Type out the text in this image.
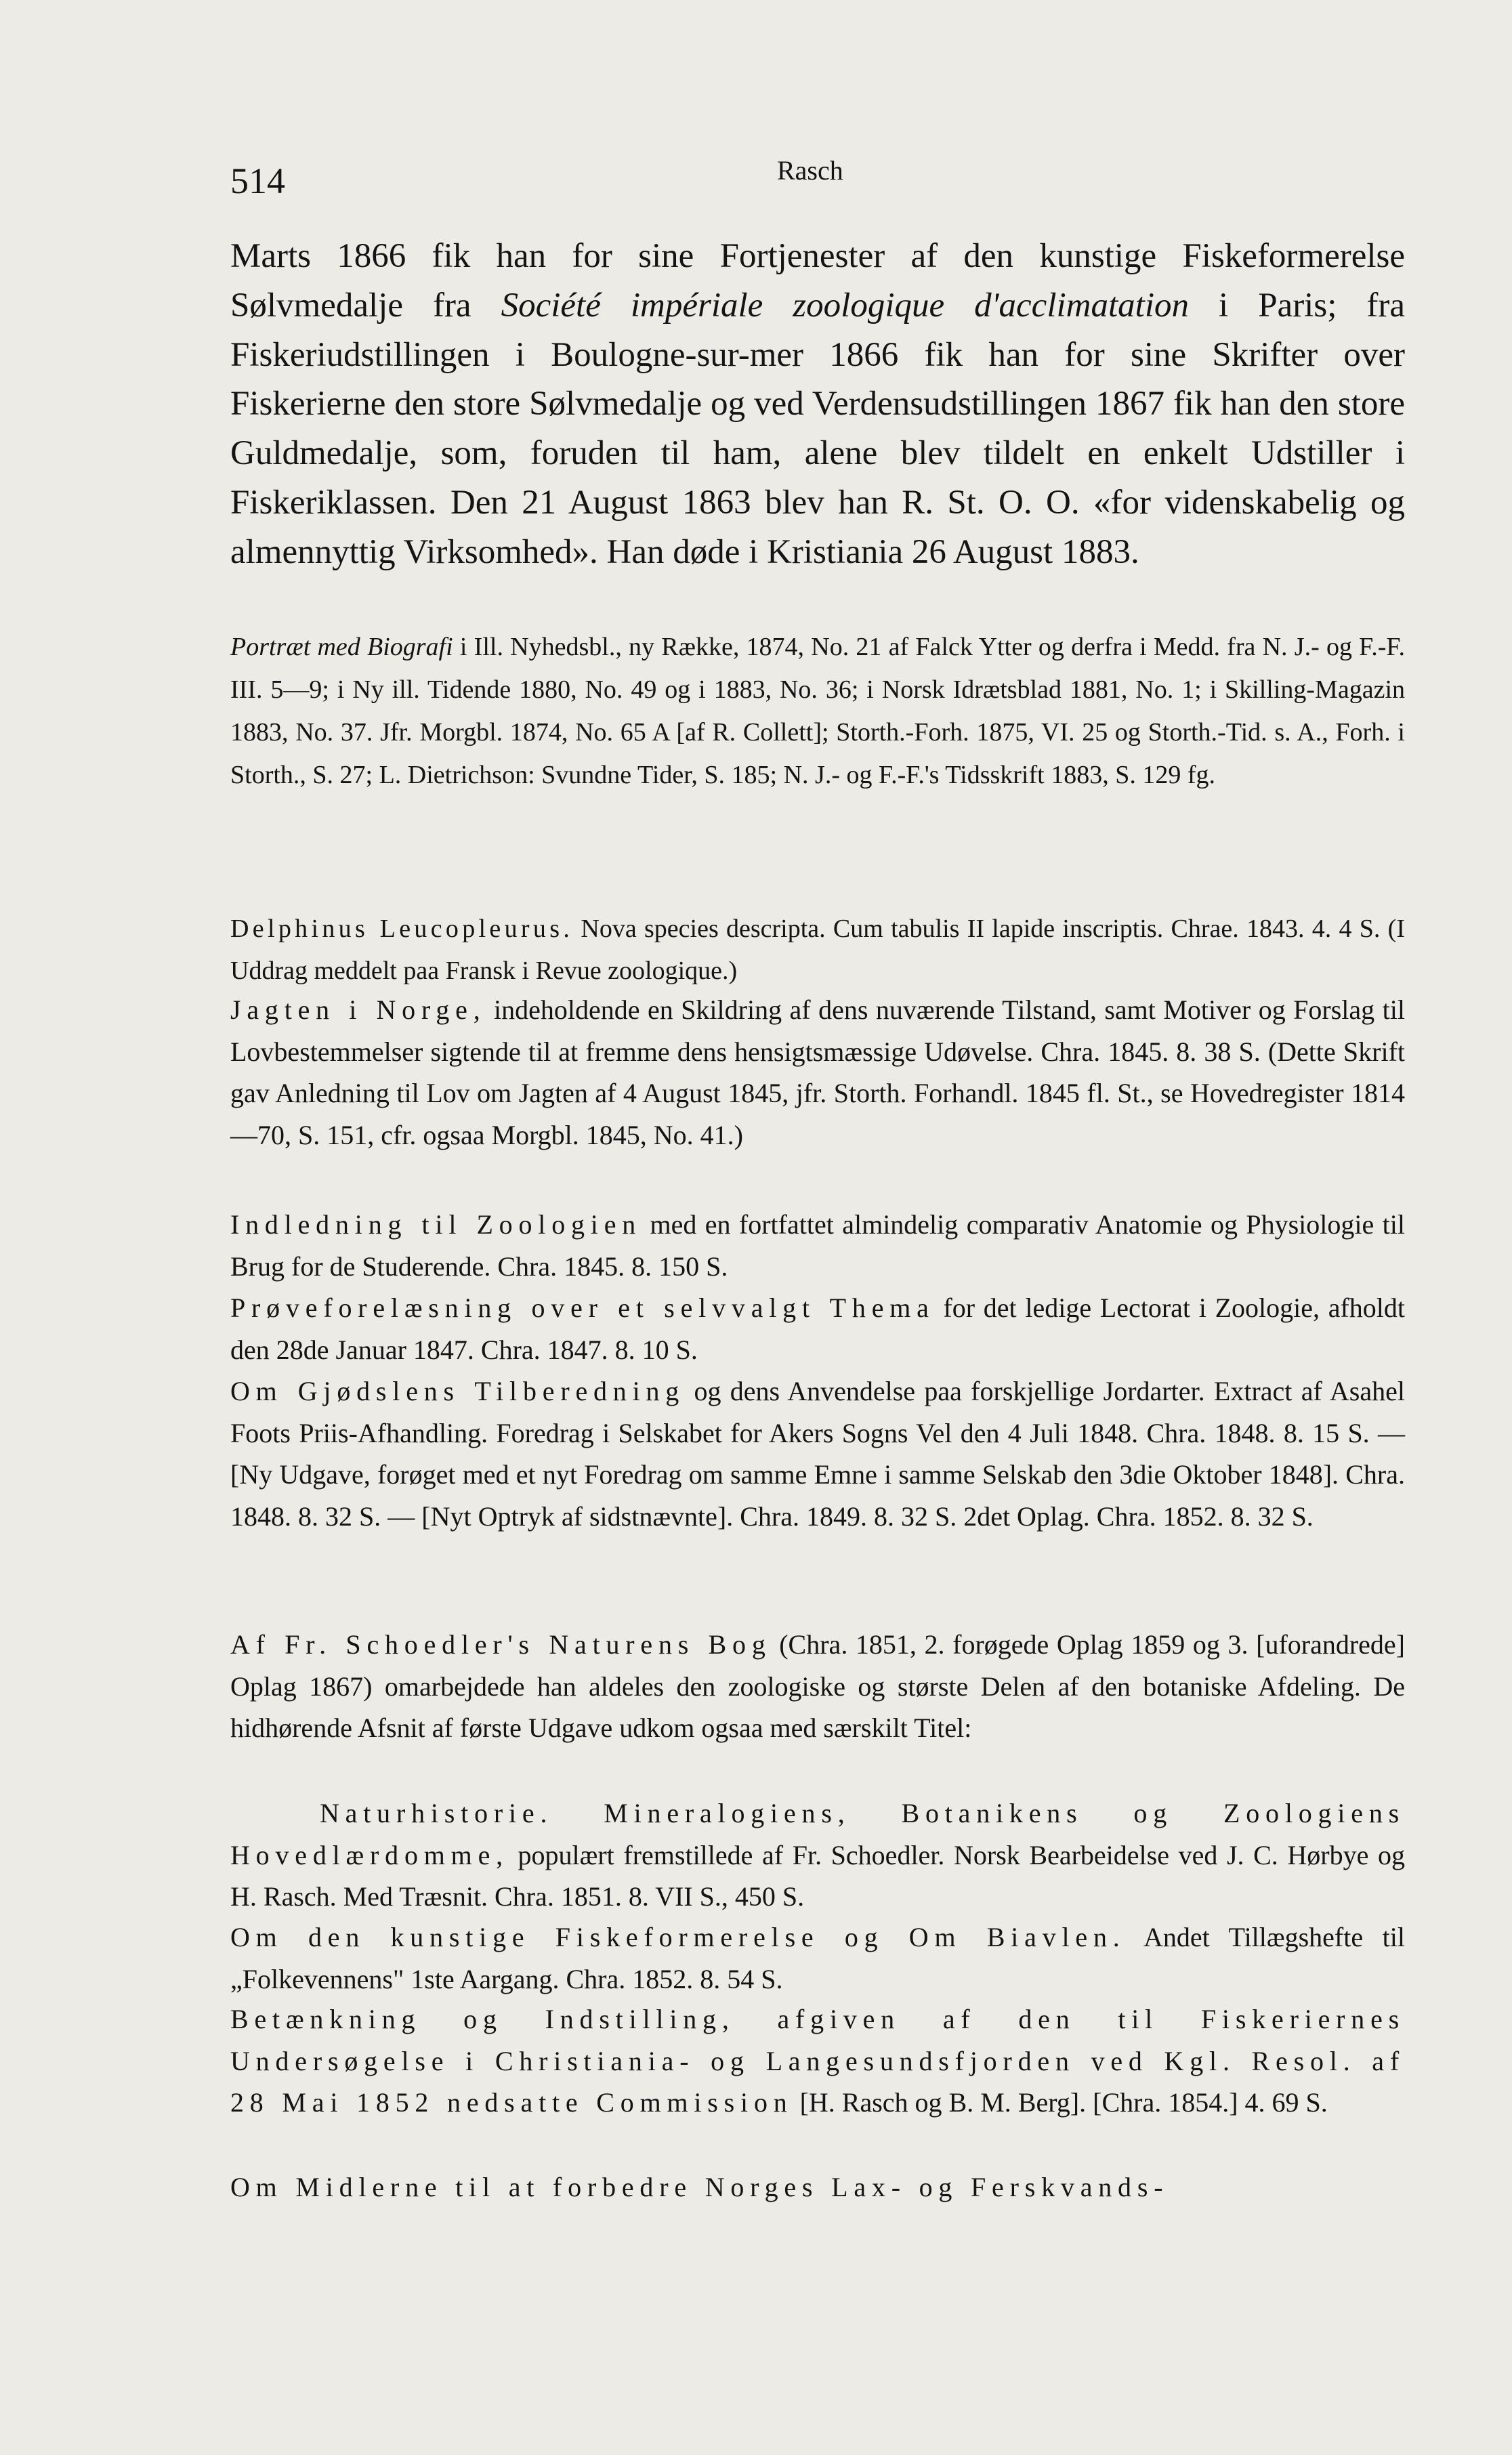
514	Rasch

Marts 1866 fik han for sine Fortjenester af den kunstige Fiskeformerelse Sølvmedalje fra Société impériale zoologique d'acclimatation i Paris; fra Fiskeriudstillingen i Boulogne-sur-mer 1866 fik han for sine Skrifter over Fiskerierne den store Sølvmedalje og ved Verdensudstillingen 1867 fik han den store Guldmedalje, som, foruden til ham, alene blev tildelt en enkelt Udstiller i Fiskeriklassen. Den 21 August 1863 blev han R. St. O. O. «for videnskabelig og almennyttig Virksomhed». Han døde i Kristiania 26 August 1883.

Portræt med Biografi i Ill. Nyhedsbl., ny Række, 1874, No. 21 af Falck Ytter og derfra i Medd. fra N. J.- og F.-F. III. 5—9; i Ny ill. Tidende 1880, No. 49 og i 1883, No. 36; i Norsk Idrætsblad 1881, No. 1; i Skilling-Magazin 1883, No. 37. Jfr. Morgbl. 1874, No. 65 A [af R. Collett]; Storth.-Forh. 1875, VI. 25 og Storth.-Tid. s. A., Forh. i Storth., S. 27; L. Dietrichson: Svundne Tider, S. 185; N. J.- og F.-F.'s Tidsskrift 1883, S. 129 fg.

Delphinus Leucopleurus. Nova species descripta. Cum tabulis II lapide inscriptis. Chrae. 1843. 4. 4 S. (I Uddrag meddelt paa Fransk i Revue zoologique.)

Jagten i Norge, indeholdende en Skildring af dens nuværende Tilstand, samt Motiver og Forslag til Lovbestemmelser sigtende til at fremme dens hensigtsmæssige Udøvelse. Chra. 1845. 8. 38 S. (Dette Skrift gav Anledning til Lov om Jagten af 4 August 1845, jfr. Storth. Forhandl. 1845 fl. St., se Hovedregister 1814—70, S. 151, cfr. ogsaa Morgbl. 1845, No. 41.)

Indledning til Zoologien med en fortfattet almindelig comparativ Anatomie og Physiologie til Brug for de Studerende. Chra. 1845. 8. 150 S.

Prøveforelæsning over et selvvalgt Thema for det ledige Lectorat i Zoologie, afholdt den 28de Januar 1847. Chra. 1847. 8. 10 S.

Om Gjødslens Tilberedning og dens Anvendelse paa forskjellige Jordarter. Extract af Asahel Foots Priis-Afhandling. Foredrag i Selskabet for Akers Sogns Vel den 4 Juli 1848. Chra. 1848. 8. 15 S. — [Ny Udgave, forøget med et nyt Foredrag om samme Emne i samme Selskab den 3die Oktober 1848]. Chra. 1848. 8. 32 S. — [Nyt Optryk af sidstnævnte]. Chra. 1849. 8. 32 S. 2det Oplag. Chra. 1852. 8. 32 S.

Af Fr. Schoedler's Naturens Bog (Chra. 1851, 2. forøgede Oplag 1859 og 3. [uforandrede] Oplag 1867) omarbejdede han aldeles den zoologiske og største Delen af den botaniske Afdeling. De hidhørende Afsnit af første Udgave udkom ogsaa med særskilt Titel:

Naturhistorie. Mineralogiens, Botanikens og Zoologiens Hovedlærdomme, populært fremstillede af Fr. Schoedler. Norsk Bearbeidelse ved J. C. Hørbye og H. Rasch. Med Træsnit. Chra. 1851. 8. VII S., 450 S.

Om den kunstige Fiskeformerelse og Om Biavlen. Andet Tillægshefte til „Folkevennens" 1ste Aargang. Chra. 1852. 8. 54 S.

Betænkning og Indstilling, afgiven af den til Fiskeriernes Undersøgelse i Christiania- og Langesundsfjorden ved Kgl. Resol. af 28 Mai 1852 nedsatte Commission [H. Rasch og B. M. Berg]. [Chra. 1854.] 4. 69 S.

Om Midlerne til at forbedre Norges Lax- og Ferskvands-
